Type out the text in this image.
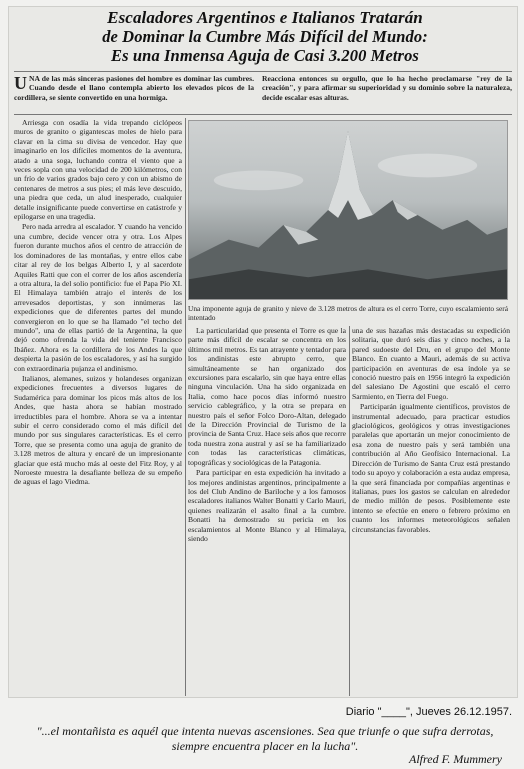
Escaladores Argentinos e Italianos Tratarán
de Dominar la Cumbre Más Difícil del Mundo:
Es una Inmensa Aguja de Casi 3.200 Metros
U NA de las más sinceras pasiones del hombre es dominar las cumbres. Cuando desde el llano contempla abierto los elevados picos de la cordillera, se siente convertido en una hormiga.
Reacciona entonces su orgullo, que lo ha hecho proclamarse "rey de la creación", y para afirmar su superioridad y su dominio sobre la naturaleza, decide escalar esas alturas.

Arriesga con osadía la vida trepando ciclópeos muros de granito o gigantescas moles de hielo para clavar en la cima su divisa de vencedor. Hay que imaginarlo en los difíciles momentos de la aventura, atado a una soga, luchando contra el viento que a veces sopla con una velocidad de 200 kilómetros, con un frío de varios grados bajo cero y con un abismo de centenares de metros a sus pies; el más leve descuido, una piedra que ceda, un alud inesperado, cualquier detalle insignificante puede convertirse en catástrofe y epilogarse en una tragedia.

Pero nada arredra al escalador. Y cuando ha vencido una cumbre, decide vencer otra y otra. Los Alpes fueron durante muchos años el centro de atracción de los dominadores de las montañas, y entre ellos cabe citar al rey de los belgas Alberto I, y al sacerdote Aquiles Ratti que con el correr de los años ascendería a otra altura, la del solio pontificio: fue el Papa Pío XI. El Himalaya también atrajo el interés de los arrevesados deportistas, y son innúmeras las expediciones que de diferentes partes del mundo convergieron en lo que se ha llamado "el techo del mundo", una de ellas partió de la Argentina, la que dejó como ofrenda la vida del teniente Francisco Ibáñez. Ahora es la cordillera de los Andes la que despierta la pasión de los escaladores, y así ha surgido con extraordinaria pujanza el andinismo.

Italianos, alemanes, suizos y holandeses organizan expediciones frecuentes a diversos lugares de Sudamérica para dominar los picos más altos de los Andes, que hasta ahora se habían mostrado irreductibles para el hombre. Ahora se va a intentar subir el cerro considerado como el más difícil del mundo por sus singulares características. Es el cerro Torre, que se presenta como una aguja de granito de 3.128 metros de altura y encaré de un impresionante glaciar que está mucho más al oeste del Fitz Roy, y al Noroeste muestra la desafiante belleza de su empeño de aguas el lago Viedma.

Una imponente aguja de granito y nieve de 3.128 metros de altura es el cerro Torre, cuyo escalamiento será intentado

La particularidad que presenta el Torre es que la parte más difícil de escalar se concentra en los últimos mil metros. Es tan atrayente y tentador para los andinistas este abrupto cerro, que simultáneamente se han organizado dos excursiones para escalarlo, sin que haya entre ellas ninguna vinculación. Una ha sido organizada en Italia, como hace pocos días informó nuestro servicio cablegráfico, y la otra se prepara en nuestro país el señor Folco Doro-Altan, delegado de la Dirección Provincial de Turismo de la provincia de Santa Cruz. Hace seis años que recorre toda nuestra zona austral y así se ha familiarizado con todas las características climáticas, topográficas y sociológicas de la Patagonia.

Para participar en esta expedición ha invitado a los mejores andinistas argentinos, principalmente a los del Club Andino de Bariloche y a los famosos escaladores italianos Walter Bonatti y Carlo Mauri, quienes realizarán el asalto final a la cumbre. Bonatti ha demostrado su pericia en los escalamientos al Monte Blanco y al Himalaya, siendo

una de sus hazañas más destacadas su expedición solitaria, que duró seis días y cinco noches, a la pared sudoeste del Dru, en el grupo del Monte Blanco. En cuanto a Mauri, además de su activa participación en aventuras de esa índole ya se conoció nuestro país en 1956 integró la expedición del salesiano De Agostini que escaló el cerro Sarmiento, en Tierra del Fuego.

Participarán igualmente científicos, provistos de instrumental adecuado, para practicar estudios glaciológicos, geológicos y otras investigaciones paralelas que aportarán un mejor conocimiento de esa zona de nuestro país y será también una contribución al Año Geofísico Internacional. La Dirección de Turismo de Santa Cruz está prestando todo su apoyo y colaboración a esta audaz empresa, la que será financiada por compañías argentinas e italianas, pues los gastos se calculan en alrededor de medio millón de pesos. Posiblemente este intento se efectúe en enero o febrero próximo en cuanto los informes meteorológicos señalen circunstancias favorables.

Diario "____", Jueves 26.12.1957.
"...el montañista es aquél que intenta nuevas ascensiones. Sea que triunfe o que sufra derrotas, siempre encuentra placer en la lucha".
Alfred F. Mummery
